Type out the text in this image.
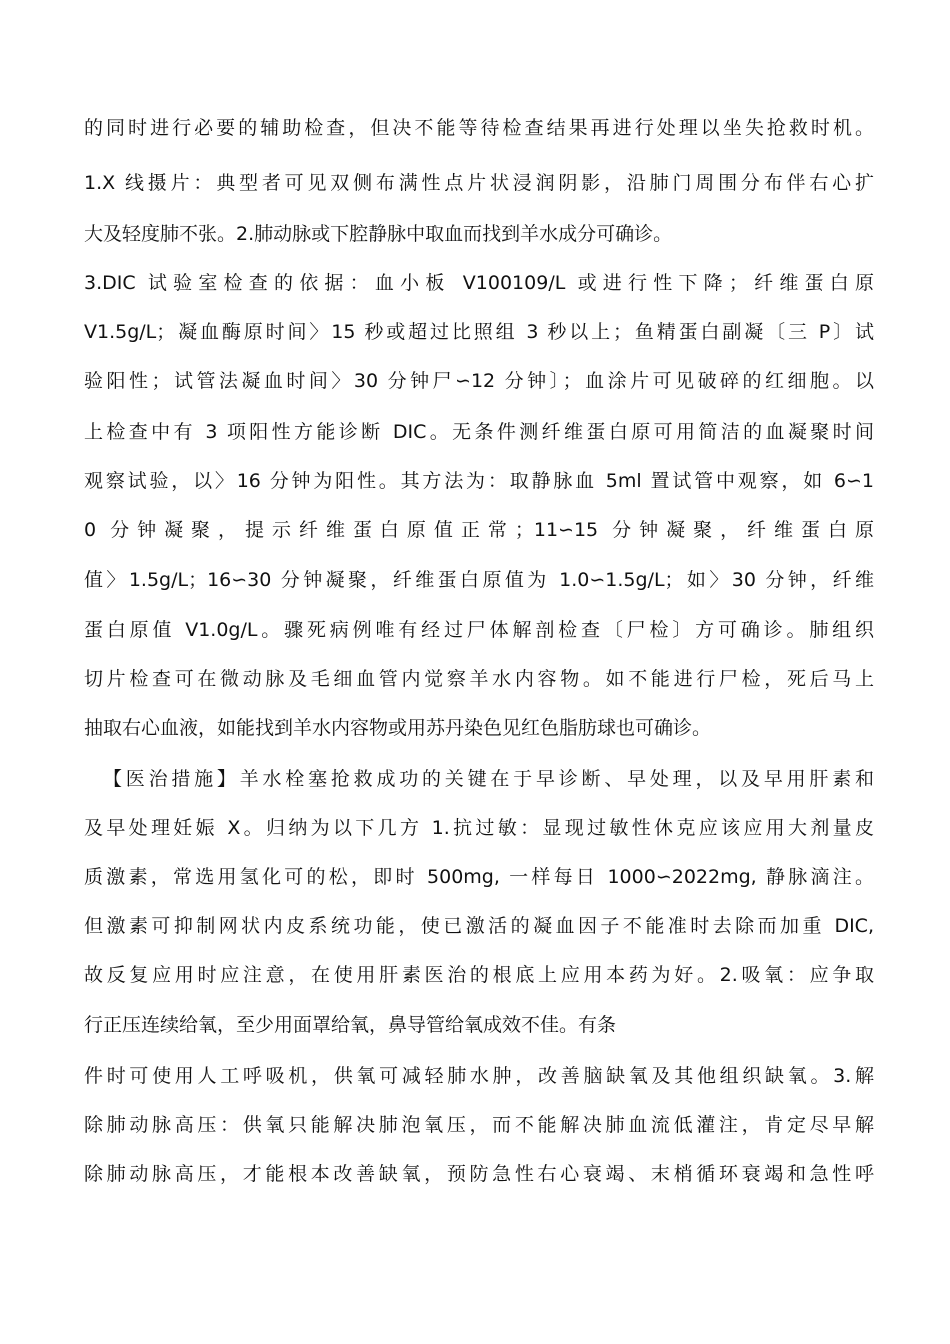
的同时进行必要的辅助检查，但决不能等待检查结果再进行处理以坐失抢救时机。
1.X 线摄片：典型者可见双侧布满性点片状浸润阴影，沿肺门周围分布伴右心扩
大及轻度肺不张。2.肺动脉或下腔静脉中取血而找到羊水成分可确诊。
3.DIC 试验室检查的依据：血小板 V100109/L 或进行性下降；纤维蛋白原
V1.5g/L；凝血酶原时间〉15 秒或超过比照组 3 秒以上；鱼精蛋白副凝〔三 P〕试
验阳性；试管法凝血时间〉30 分钟尸∽12 分钟〕；血涂片可见破碎的红细胞。以
上检查中有 3 项阳性方能诊断 DIC。无条件测纤维蛋白原可用简洁的血凝聚时间
观察试验，以〉16 分钟为阳性。其方法为：取静脉血 5ml 置试管中观察，如 6∽1
0 分钟凝聚，提示纤维蛋白原值正常；11∽15 分钟凝聚，纤维蛋白原
值〉1.5g/L；16∽30 分钟凝聚，纤维蛋白原值为 1.0∽1.5g/L；如〉30 分钟，纤维
蛋白原值 V1.0g/L。骤死病例唯有经过尸体解剖检查〔尸检〕方可确诊。肺组织
切片检查可在微动脉及毛细血管内觉察羊水内容物。如不能进行尸检，死后马上
抽取右心血液，如能找到羊水内容物或用苏丹染色见红色脂肪球也可确诊。
【医治措施】羊水栓塞抢救成功的关键在于早诊断、早处理，以及早用肝素和
及早处理妊娠 X。归纳为以下几方 1.抗过敏：显现过敏性休克应该应用大剂量皮
质激素，常选用氢化可的松，即时 500mg, 一样每日 1000∽2022mg, 静脉滴注。
但激素可抑制网状内皮系统功能，使已激活的凝血因子不能准时去除而加重 DIC,
故反复应用时应注意，在使用肝素医治的根底上应用本药为好。2.吸氧：应争取
行正压连续给氧，至少用面罩给氧，鼻导管给氧成效不佳。有条
件时可使用人工呼吸机，供氧可减轻肺水肿，改善脑缺氧及其他组织缺氧。3.解
除肺动脉高压：供氧只能解决肺泡氧压，而不能解决肺血流低灌注，肯定尽早解
除肺动脉高压，才能根本改善缺氧，预防急性右心衰竭、末梢循环衰竭和急性呼
